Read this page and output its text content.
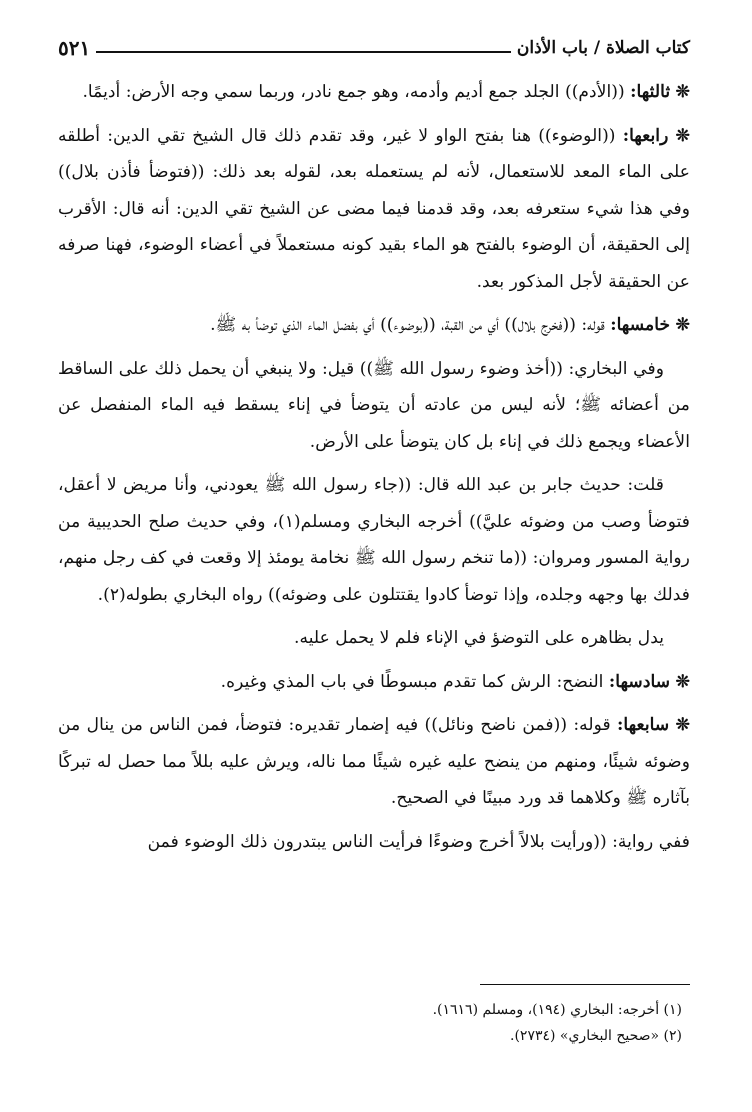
كتاب الصلاة / باب الأذان
٥٢١

❊ ثالثها: ((الأدم)) الجلد جمع أديم وأدمه، وهو جمع نادر، وربما سمي وجه الأرض: أديمًا.

❊ رابعها: ((الوضوء)) هنا بفتح الواو لا غير، وقد تقدم ذلك قال الشيخ تقي الدين: أطلقه على الماء المعد للاستعمال، لأنه لم يستعمله بعد، لقوله بعد ذلك: ((فتوضأ فأذن بلال)) وفي هذا شيء ستعرفه بعد، وقد قدمنا فيما مضى عن الشيخ تقي الدين: أنه قال: الأقرب إلى الحقيقة، أن الوضوء بالفتح هو الماء بقيد كونه مستعملاً في أعضاء الوضوء، فهنا صرفه عن الحقيقة لأجل المذكور بعد.

❊ خامسها: قوله: ((فخرج بلال)) أي من القبة، ((بوضوء)) أي بفضل الماء الذي توضأ به ﷺ.

وفي البخاري: ((أخذ وضوء رسول الله ﷺ)) قيل: ولا ينبغي أن يحمل ذلك على الساقط من أعضائه ﷺ؛ لأنه ليس من عادته أن يتوضأ في إناء يسقط فيه الماء المنفصل عن الأعضاء ويجمع ذلك في إناء بل كان يتوضأ على الأرض.

قلت: حديث جابر بن عبد الله قال: ((جاء رسول الله ﷺ يعودني، وأنا مريض لا أعقل، فتوضأ وصب من وضوئه عليَّ)) أخرجه البخاري ومسلم(١)، وفي حديث صلح الحديبية من رواية المسور ومروان: ((ما تنخم رسول الله ﷺ نخامة يومئذ إلا وقعت في كف رجل منهم، فدلك بها وجهه وجلده، وإذا توضأ كادوا يقتتلون على وضوئه)) رواه البخاري بطوله(٢).

يدل بظاهره على التوضؤ في الإناء فلم لا يحمل عليه.

❊ سادسها: النضح: الرش كما تقدم مبسوطًا في باب المذي وغيره.

❊ سابعها: قوله: ((فمن ناضح ونائل)) فيه إضمار تقديره: فتوضأ، فمن الناس من ينال من وضوئه شيئًا، ومنهم من ينضح عليه غيره شيئًا مما ناله، ويرش عليه بللاً مما حصل له تبركًا بآثاره ﷺ وكلاهما قد ورد مبينًا في الصحيح.

ففي رواية: ((ورأيت بلالاً أخرج وضوءًا فرأيت الناس يبتدرون ذلك الوضوء فمن

(١) أخرجه: البخاري (١٩٤)، ومسلم (١٦١٦).

(٢) «صحيح البخاري» (٢٧٣٤).
